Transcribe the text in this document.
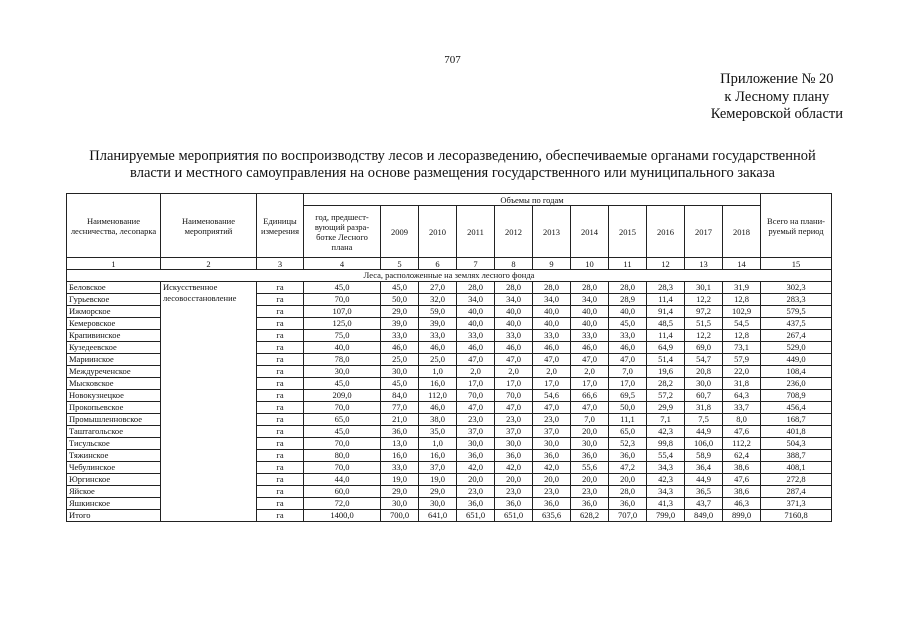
707
Приложение № 20
к Лесному плану
Кемеровской области
Планируемые мероприятия по воспроизводству лесов и лесоразведению, обеспечиваемые органами государственной
власти и местного самоуправления на основе размещения государственного или муниципального заказа
Наименование лесничества, лесопарка	Наименование мероприятий	Единицы измерения	Объемы по годам											Всего на плани-руемый период
			год, предшест-вующий разра-ботке Лесного плана	2009	2010	2011	2012	2013	2014	2015	2016	2017	2018	
1	2	3	4	5	6	7	8	9	10	11	12	13	14	15
Леса, расположенные на землях лесного фонда														
Беловское	Искусственное лесовосстановление	га	45,0	45,0	27,0	28,0	28,0	28,0	28,0	28,0	28,3	30,1	31,9	302,3
Гурьевское		га	70,0	50,0	32,0	34,0	34,0	34,0	34,0	28,9	11,4	12,2	12,8	283,3
Ижморское		га	107,0	29,0	59,0	40,0	40,0	40,0	40,0	40,0	91,4	97,2	102,9	579,5
Кемеровское		га	125,0	39,0	39,0	40,0	40,0	40,0	40,0	45,0	48,5	51,5	54,5	437,5
Крапивинское		га	75,0	33,0	33,0	33,0	33,0	33,0	33,0	33,0	11,4	12,2	12,8	267,4
Кузедеевское		га	40,0	46,0	46,0	46,0	46,0	46,0	46,0	46,0	64,9	69,0	73,1	529,0
Мариинское		га	78,0	25,0	25,0	47,0	47,0	47,0	47,0	47,0	51,4	54,7	57,9	449,0
Междуреченское		га	30,0	30,0	1,0	2,0	2,0	2,0	2,0	7,0	19,6	20,8	22,0	108,4
Мысковское		га	45,0	45,0	16,0	17,0	17,0	17,0	17,0	17,0	28,2	30,0	31,8	236,0
Новокузнецкое		га	209,0	84,0	112,0	70,0	70,0	54,6	66,6	69,5	57,2	60,7	64,3	708,9
Прокопьевское		га	70,0	77,0	46,0	47,0	47,0	47,0	47,0	50,0	29,9	31,8	33,7	456,4
Промышленновское		га	65,0	21,0	38,0	23,0	23,0	23,0	7,0	11,1	7,1	7,5	8,0	168,7
Таштагольское		га	45,0	36,0	35,0	37,0	37,0	37,0	20,0	65,0	42,3	44,9	47,6	401,8
Тисульское		га	70,0	13,0	1,0	30,0	30,0	30,0	30,0	52,3	99,8	106,0	112,2	504,3
Тяжинское		га	80,0	16,0	16,0	36,0	36,0	36,0	36,0	36,0	55,4	58,9	62,4	388,7
Чебулинское		га	70,0	33,0	37,0	42,0	42,0	42,0	55,6	47,2	34,3	36,4	38,6	408,1
Юргинское		га	44,0	19,0	19,0	20,0	20,0	20,0	20,0	20,0	42,3	44,9	47,6	272,8
Яйское		га	60,0	29,0	29,0	23,0	23,0	23,0	23,0	28,0	34,3	36,5	38,6	287,4
Яшкинское		га	72,0	30,0	30,0	36,0	36,0	36,0	36,0	36,0	41,3	43,7	46,3	371,3
Итого		га	1400,0	700,0	641,0	651,0	651,0	635,6	628,2	707,0	799,0	849,0	899,0	7160,8
